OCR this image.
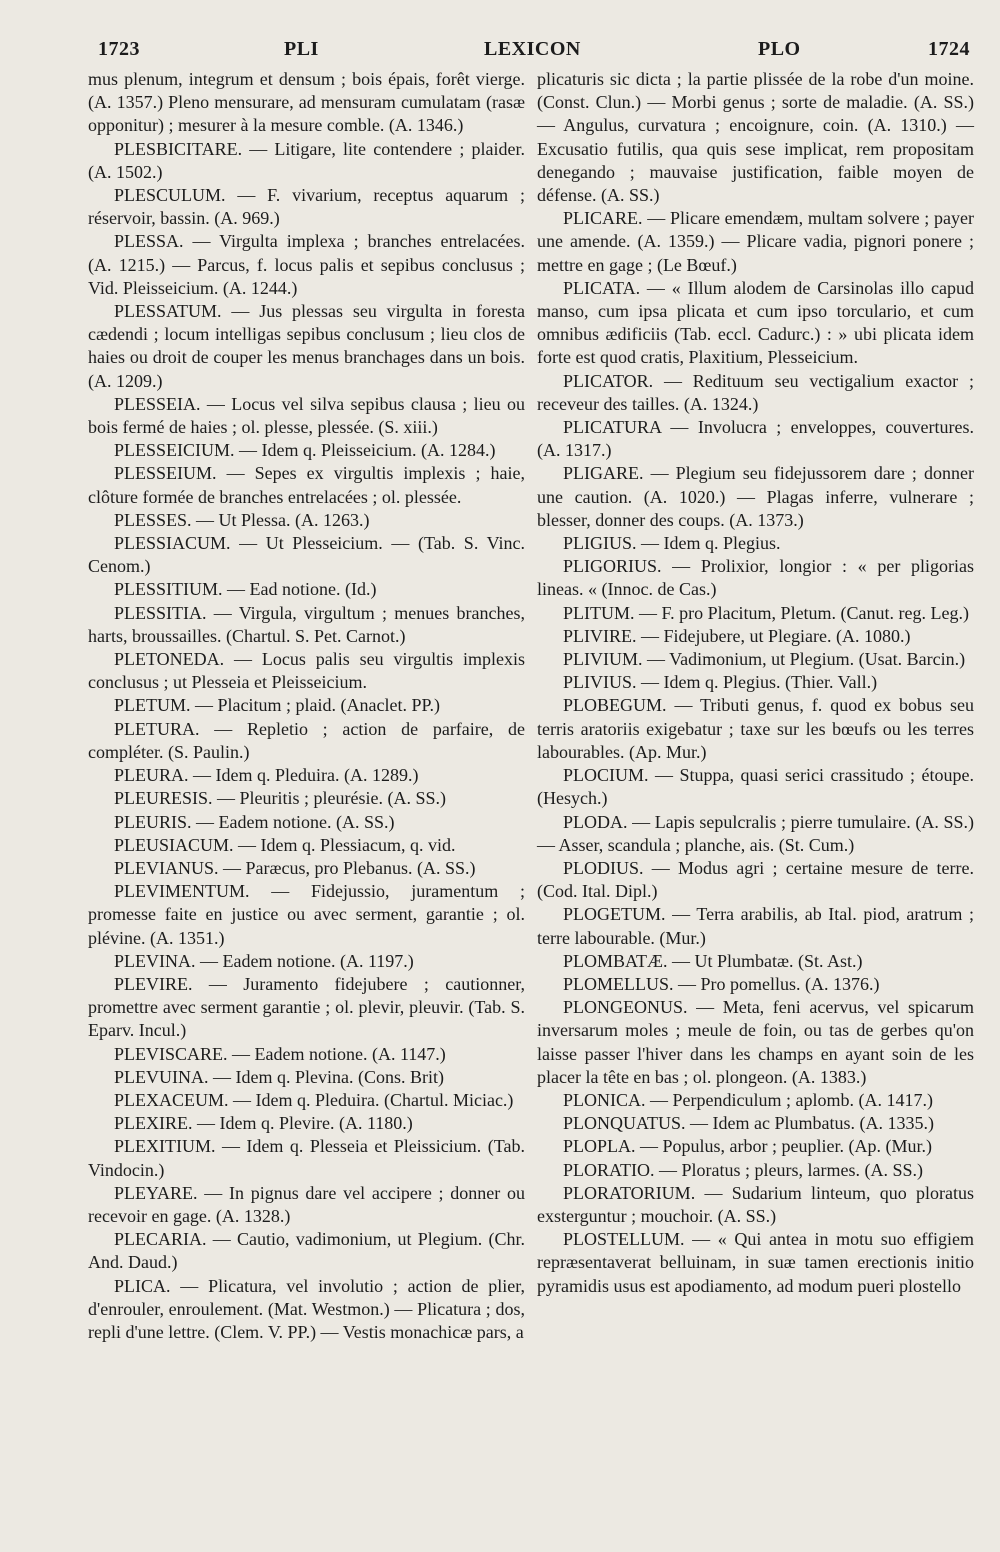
1723	PLI	LEXICON	PLO	1724

mus plenum, integrum et densum ; bois épais, forêt vierge. (A. 1357.) Pleno mensurare, ad mensuram cumulatam (rasæ opponitur) ; mesurer à la mesure comble. (A. 1346.)

PLESBICITARE. — Litigare, lite contendere ; plaider. (A. 1502.)

PLESCULUM. — F. vivarium, receptus aquarum ; réservoir, bassin. (A. 969.)

PLESSA. — Virgulta implexa ; branches entrelacées. (A. 1215.) — Parcus, f. locus palis et sepibus conclusus ; Vid. Pleisseicium. (A. 1244.)

PLESSATUM. — Jus plessas seu virgulta in foresta cædendi ; locum intelligas sepibus conclusum ; lieu clos de haies ou droit de couper les menus branchages dans un bois. (A. 1209.)

PLESSEIA. — Locus vel silva sepibus clausa ; lieu ou bois fermé de haies ; ol. plesse, plessée. (S. xiii.)

PLESSEICIUM. — Idem q. Pleisseicium. (A. 1284.)

PLESSEIUM. — Sepes ex virgultis implexis ; haie, clôture formée de branches entrelacées ; ol. plessée.

PLESSES. — Ut Plessa. (A. 1263.)

PLESSIACUM. — Ut Plesseicium. — (Tab. S. Vinc. Cenom.)

PLESSITIUM. — Ead notione. (Id.)

PLESSITIA. — Virgula, virgultum ; menues branches, harts, broussailles. (Chartul. S. Pet. Carnot.)

PLETONEDA. — Locus palis seu virgultis implexis conclusus ; ut Plesseia et Pleisseicium.

PLETUM. — Placitum ; plaid. (Anaclet. PP.)

PLETURA. — Repletio ; action de parfaire, de compléter. (S. Paulin.)

PLEURA. — Idem q. Pleduira. (A. 1289.)

PLEURESIS. — Pleuritis ; pleurésie. (A. SS.)

PLEURIS. — Eadem notione. (A. SS.)

PLEUSIACUM. — Idem q. Plessiacum, q. vid.

PLEVIANUS. — Paræcus, pro Plebanus. (A. SS.)

PLEVIMENTUM. — Fidejussio, juramentum ; promesse faite en justice ou avec serment, garantie ; ol. plévine. (A. 1351.)

PLEVINA. — Eadem notione. (A. 1197.)

PLEVIRE. — Juramento fidejubere ; cautionner, promettre avec serment garantie ; ol. plevir, pleuvir. (Tab. S. Eparv. Incul.)

PLEVISCARE. — Eadem notione. (A. 1147.)

PLEVUINA. — Idem q. Plevina. (Cons. Brit)

PLEXACEUM. — Idem q. Pleduira. (Chartul. Miciac.)

PLEXIRE. — Idem q. Plevire. (A. 1180.)

PLEXITIUM. — Idem q. Plesseia et Pleissicium. (Tab. Vindocin.)

PLEYARE. — In pignus dare vel accipere ; donner ou recevoir en gage. (A. 1328.)

PLECARIA. — Cautio, vadimonium, ut Plegium. (Chr. And. Daud.)

PLICA. — Plicatura, vel involutio ; action de plier, d'enrouler, enroulement. (Mat. Westmon.) — Plicatura ; dos, repli d'une lettre. (Clem. V. PP.) — Vestis monachicæ pars, a

plicaturis sic dicta ; la partie plissée de la robe d'un moine. (Const. Clun.) — Morbi genus ; sorte de maladie. (A. SS.) — Angulus, curvatura ; encoignure, coin. (A. 1310.) — Excusatio futilis, qua quis sese implicat, rem propositam denegando ; mauvaise justification, faible moyen de défense. (A. SS.)

PLICARE. — Plicare emendæm, multam solvere ; payer une amende. (A. 1359.) — Plicare vadia, pignori ponere ; mettre en gage ; (Le Bœuf.)

PLICATA. — « Illum alodem de Carsinolas illo capud manso, cum ipsa plicata et cum ipso torculario, et cum omnibus ædificiis (Tab. eccl. Cadurc.) : » ubi plicata idem forte est quod cratis, Plaxitium, Plesseicium.

PLICATOR. — Redituum seu vectigalium exactor ; receveur des tailles. (A. 1324.)

PLICATURA — Involucra ; enveloppes, couvertures. (A. 1317.)

PLIGARE. — Plegium seu fidejussorem dare ; donner une caution. (A. 1020.) — Plagas inferre, vulnerare ; blesser, donner des coups. (A. 1373.)

PLIGIUS. — Idem q. Plegius.

PLIGORIUS. — Prolixior, longior : « per pligorias lineas. « (Innoc. de Cas.)

PLITUM. — F. pro Placitum, Pletum. (Canut. reg. Leg.)

PLIVIRE. — Fidejubere, ut Plegiare. (A. 1080.)

PLIVIUM. — Vadimonium, ut Plegium. (Usat. Barcin.)

PLIVIUS. — Idem q. Plegius. (Thier. Vall.)

PLOBEGUM. — Tributi genus, f. quod ex bobus seu terris aratoriis exigebatur ; taxe sur les bœufs ou les terres labourables. (Ap. Mur.)

PLOCIUM. — Stuppa, quasi serici crassitudo ; étoupe. (Hesych.)

PLODA. — Lapis sepulcralis ; pierre tumulaire. (A. SS.) — Asser, scandula ; planche, ais. (St. Cum.)

PLODIUS. — Modus agri ; certaine mesure de terre. (Cod. Ital. Dipl.)

PLOGETUM. — Terra arabilis, ab Ital. piod, aratrum ; terre labourable. (Mur.)

PLOMBATÆ. — Ut Plumbatæ. (St. Ast.)

PLOMELLUS. — Pro pomellus. (A. 1376.)

PLONGEONUS. — Meta, feni acervus, vel spicarum inversarum moles ; meule de foin, ou tas de gerbes qu'on laisse passer l'hiver dans les champs en ayant soin de les placer la tête en bas ; ol. plongeon. (A. 1383.)

PLONICA. — Perpendiculum ; aplomb. (A. 1417.)

PLONQUATUS. — Idem ac Plumbatus. (A. 1335.)

PLOPLA. — Populus, arbor ; peuplier. (Ap. (Mur.)

PLORATIO. — Ploratus ; pleurs, larmes. (A. SS.)

PLORATORIUM. — Sudarium linteum, quo ploratus exsterguntur ; mouchoir. (A. SS.)

PLOSTELLUM. — « Qui antea in motu suo effigiem repræsentaverat belluinam, in suæ tamen erectionis initio pyramidis usus est apodiamento, ad modum pueri plostello
